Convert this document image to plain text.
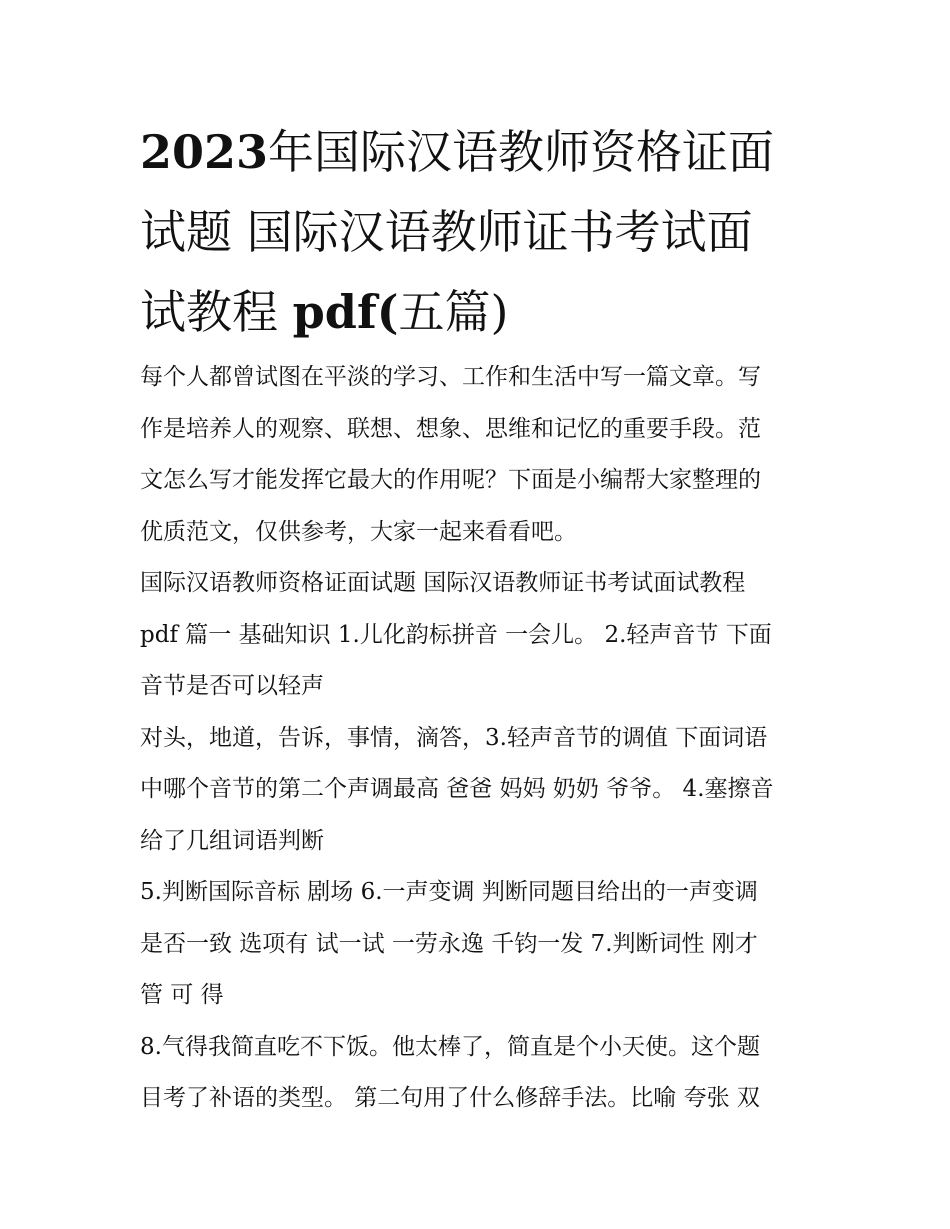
2023年国际汉语教师资格证面
试题 国际汉语教师证书考试面
试教程 pdf(五篇)
每个人都曾试图在平淡的学习、工作和生活中写一篇文章。写
作是培养人的观察、联想、想象、思维和记忆的重要手段。范
文怎么写才能发挥它最大的作用呢？下面是小编帮大家整理的
优质范文，仅供参考，大家一起来看看吧。
国际汉语教师资格证面试题 国际汉语教师证书考试面试教程
pdf 篇一 基础知识 1.儿化韵标拼音 一会儿。 2.轻声音节 下面
音节是否可以轻声
对头，地道，告诉，事情，滴答，3.轻声音节的调值 下面词语
中哪个音节的第二个声调最高 爸爸 妈妈 奶奶 爷爷。 4.塞擦音
给了几组词语判断
5.判断国际音标 剧场 6.一声变调 判断同题目给出的一声变调
是否一致 选项有 试一试 一劳永逸 千钧一发 7.判断词性 刚才
管 可 得
8.气得我简直吃不下饭。他太棒了，简直是个小天使。这个题
目考了补语的类型。 第二句用了什么修辞手法。比喻 夸张 双
